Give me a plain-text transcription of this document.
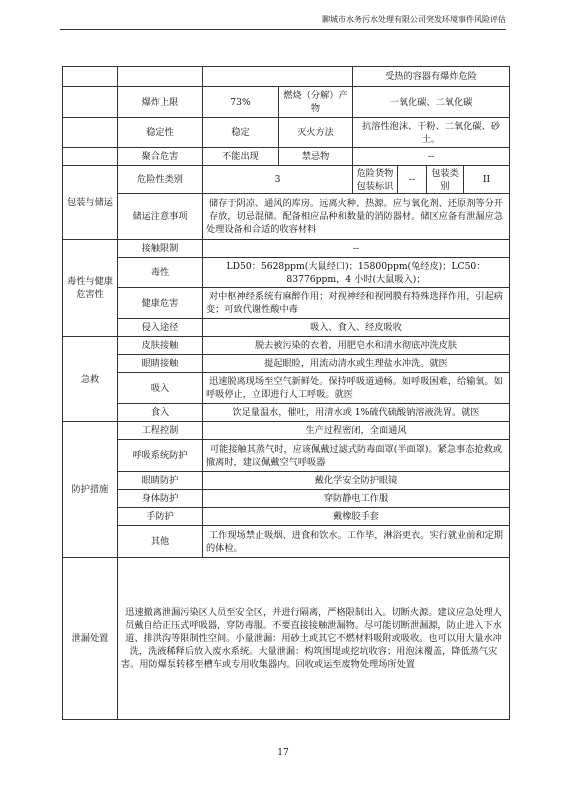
聊城市水务污水处理有限公司突发环境事件风险评估
				受热的容器有爆炸危险			
	爆炸上限	73%	燃烧（分解）产物	一氧化碳、二氧化碳			
	稳定性	稳定	灭火方法	抗溶性泡沫、干粉、二氧化碳、砂土。			
	聚合危害	不能出现	禁忌物	--			
包装与储运	危险性类别	3		危险货物包装标识	--	包装类别	II
	储运注意事项	储存于阴凉、通风的库房。远离火种、热源。应与氧化剂、还原剂等分开存放，切忌混储。配备相应品种和数量的消防器材。储区应备有泄漏应急处理设备和合适的收容材料					
毒性与健康危害性	接触限制	--					
	毒性	LD50：5628ppm(大鼠经口)；15800ppm(兔经皮)；LC50：83776ppm，4 小时(大鼠吸入)；					
	健康危害	对中枢神经系统有麻醉作用；对视神经和视网膜有特殊选择作用，引起病变；可致代谢性酸中毒					
	侵入途径	吸入、食入、经皮吸收					
急救	皮肤接触	脱去被污染的衣着，用肥皂水和清水彻底冲洗皮肤					
	眼睛接触	提起眼睑，用流动清水或生理盐水冲洗。就医					
	吸入	迅速脱离现场至空气新鲜处。保持呼吸道通畅。如呼吸困难，给输氧。如呼吸停止，立即进行人工呼吸。就医					
	食入	饮足量温水，催吐，用清水或 1%硫代硫酸钠溶液洗胃。就医					
防护措施	工程控制	生产过程密闭，全面通风					
	呼吸系统防护	可能接触其蒸气时，应该佩戴过滤式防毒面罩(半面罩)。紧急事态抢救或撤离时，建议佩戴空气呼吸器					
	眼睛防护	戴化学安全防护眼镜					
	身体防护	穿防静电工作服					
	手防护	戴橡胶手套					
	其他	工作现场禁止吸烟、进食和饮水。工作毕，淋浴更衣。实行就业前和定期的体检。					
泄漏处置	迅速撤离泄漏污染区人员至安全区，并进行隔离，严格限制出入。切断火源。建议应急处理人员戴自给正压式呼吸器，穿防毒服。不要直接接触泄漏物。尽可能切断泄漏源，防止进入下水道、排洪沟等限制性空间。小量泄漏：用砂土或其它不燃材料吸附或吸收。也可以用大量水冲洗，洗液稀释后放入废水系统。大量泄漏：构筑围堤或挖坑收容；用泡沫覆盖，降低蒸气灾害。用防爆泵转移至槽车或专用收集器内。回收或运至废物处理场所处置						
17
